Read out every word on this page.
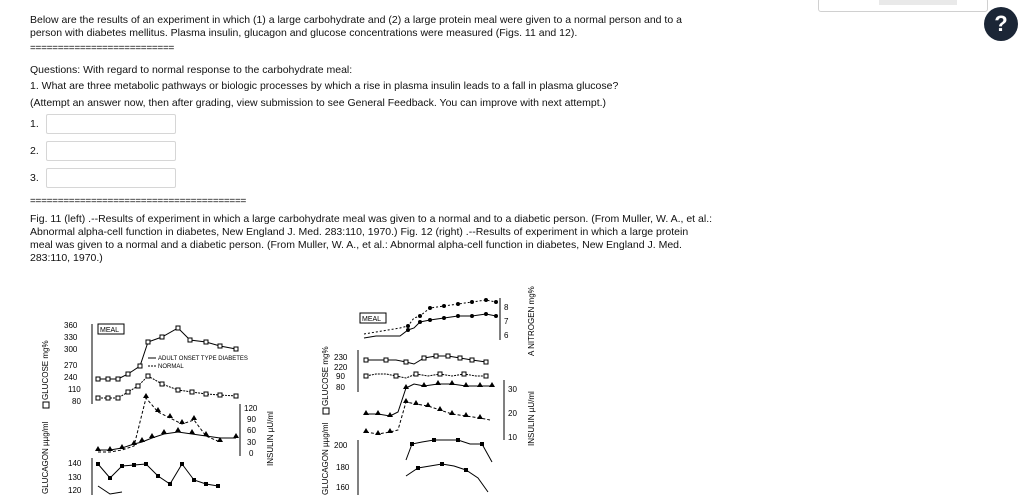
?
Below are the results of an experiment in which (1) a large carbohydrate and (2) a large protein meal were given to a normal person and to a
person with diabetes mellitus. Plasma insulin, glucagon and glucose concentrations were measured (Figs. 11 and 12).
==========================
Questions: With regard to normal response to the carbohydrate meal:
1. What are three metabolic pathways or biologic processes by which a rise in plasma insulin leads to a fall in plasma glucose?
(Attempt an answer now, then after grading, view submission to see General Feedback. You can improve with next attempt.)
1.
2.
3.
=======================================
Fig. 11 (left) .--Results of experiment in which a large carbohydrate meal was given to a normal and to a diabetic person. (From Muller, W. A., et al.:
Abnormal alpha-cell function in diabetes, New England J. Med. 283:110, 1970.) Fig. 12 (right) .--Results of experiment in which a large protein
meal was given to a normal and a diabetic person. (From Muller, W. A., et al.: Abnormal alpha-cell function in diabetes, New England J. Med.
283:110, 1970.)
GLUCOSE mg%
360
330
300
270
240
110
80
MEAL
ADULT ONSET TYPE DIABETES
NORMAL
120
90
60
30
0 INSULIN µU/ml
GLUCAGON µµg/ml 140
130
120
GLUCOSE mg% 230
220
90
80
MEAL
8
7
6 A NITROGEN mg%
30
20
10 INSULIN µU/ml
GLUCAGON µµg/ml 200
180
160
